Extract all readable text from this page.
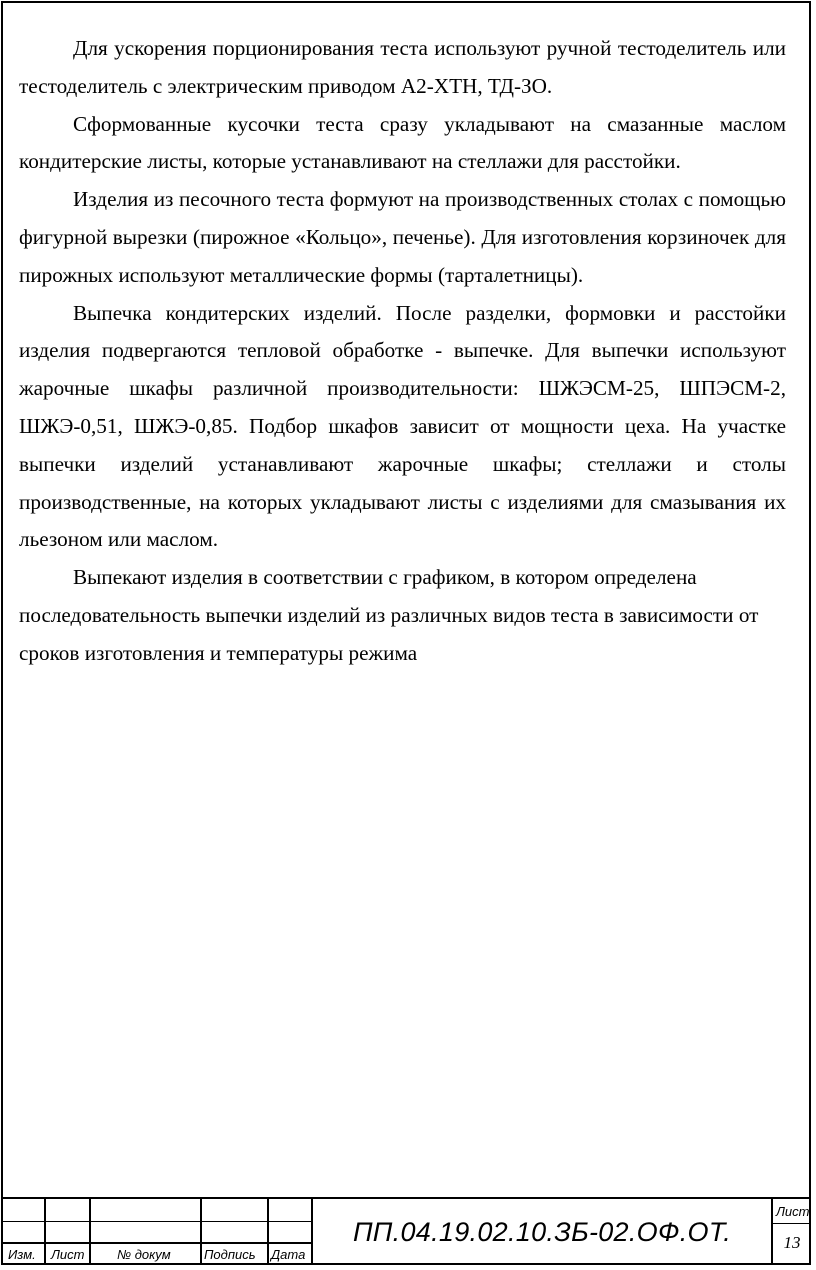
Для ускорения порционирования теста используют ручной тестоделитель или тестоделитель с электрическим приводом А2-ХТН, ТД-ЗО.

Сформованные кусочки теста сразу укладывают на смазанные маслом кондитерские листы, которые устанавливают на стеллажи для расстойки.

Изделия из песочного теста формуют на производственных столах с помощью фигурной вырезки (пирожное «Кольцо», печенье). Для изготовления корзиночек для пирожных используют металлические формы (тарталетницы).

Выпечка кондитерских изделий. После разделки, формовки и расстойки изделия подвергаются тепловой обработке - выпечке. Для выпечки используют жарочные шкафы различной производительности: ШЖЭСМ-25, ШПЭСМ-2, ШЖЭ-0,51, ШЖЭ-0,85. Подбор шкафов зависит от мощности цеха. На участке выпечки изделий устанавливают жарочные шкафы; стеллажи и столы производственные, на которых укладывают листы с изделиями для смазывания их льезоном или маслом.

Выпекают изделия в соответствии с графиком, в котором определена последовательность выпечки изделий из различных видов теста в зависимости от сроков изготовления и температуры режима

Изм. Лист	№ докум	Подпись Дата
ПП.04.19.02.10.ЗБ-02.ОФ.ОТ.
Лист
13
